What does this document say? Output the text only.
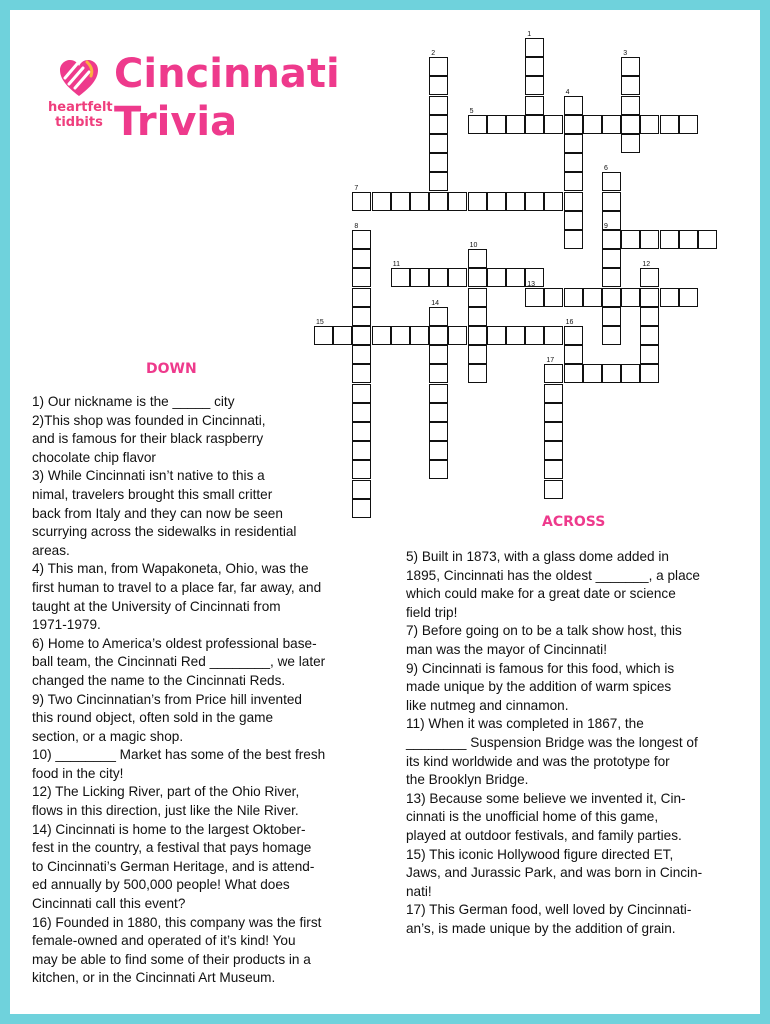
heartfelt
tidbits
Cincinnati
Trivia
1
2	3
4
5
6
7
8	9
10
11	12
13
14
15	16
17
DOWN
1) Our nickname is the _____ city
2)This shop was founded in Cincinnati,
and is famous for their black raspberry
chocolate chip flavor
3) While Cincinnati isn’t native to this a
nimal, travelers brought this small critter
back from Italy and they can now be seen
scurrying across the sidewalks in residential
areas.
4) This man, from Wapakoneta, Ohio, was the
first human to travel to a place far, far away, and
taught at the University of Cincinnati from
1971-1979.
6) Home to America’s oldest professional base-
ball team, the Cincinnati Red ________, we later
changed the name to the Cincinnati Reds.
9) Two Cincinnatian’s from Price hill invented
this round object, often sold in the game
section, or a magic shop.
10) ________ Market has some of the best fresh
food in the city!
12) The Licking River, part of the Ohio River,
flows in this direction, just like the Nile River.
14) Cincinnati is home to the largest Oktober-
fest in the country, a festival that pays homage
to Cincinnati’s German Heritage, and is attend-
ed annually by 500,000 people! What does
Cincinnati call this event?
16) Founded in 1880, this company was the first
female-owned and operated of it’s kind! You
may be able to find some of their products in a
kitchen, or in the Cincinnati Art Museum.
ACROSS
5) Built in 1873, with a glass dome added in
1895, Cincinnati has the oldest _______, a place
which could make for a great date or science
field trip!
7) Before going on to be a talk show host, this
man was the mayor of Cincinnati!
9) Cincinnati is famous for this food, which is
made unique by the addition of warm spices
like nutmeg and cinnamon.
11) When it was completed in 1867, the
________ Suspension Bridge was the longest of
its kind worldwide and was the prototype for
the Brooklyn Bridge.
13) Because some believe we invented it, Cin-
cinnati is the unofficial home of this game,
played at outdoor festivals, and family parties.
15) This iconic Hollywood figure directed ET,
Jaws, and Jurassic Park, and was born in Cincin-
nati!
17) This German food, well loved by Cincinnati-
an’s, is made unique by the addition of grain.
